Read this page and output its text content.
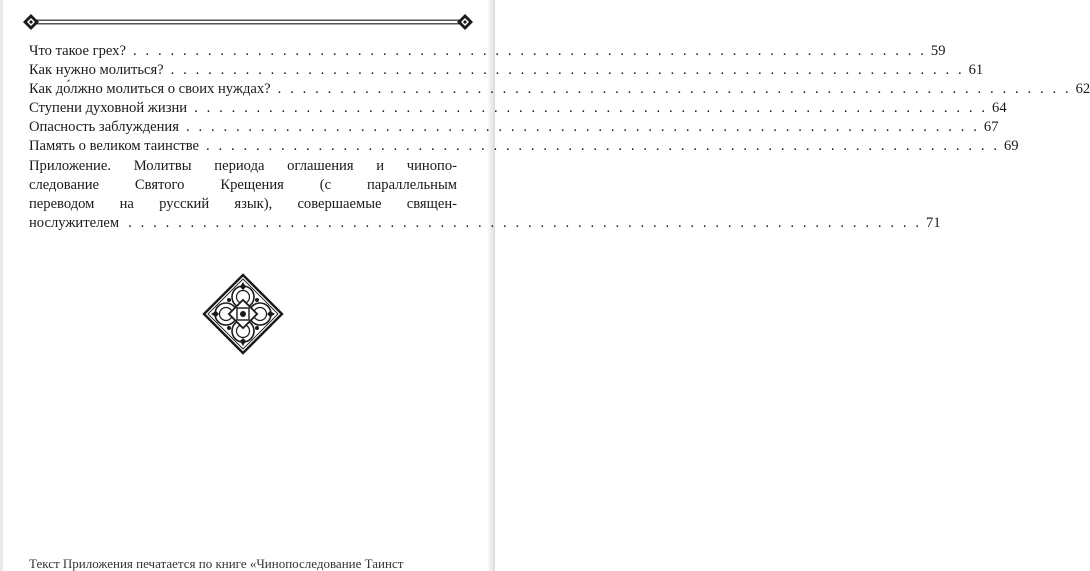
Что такое грех? . . . . . . . . . . . . . . . . . . . . . . . . . . . . . . . . . . . . . . . . . . . . . . . . . . . . . . . . . . . . . . . . 59
Как нужно молиться? . . . . . . . . . . . . . . . . . . . . . . . . . . . . . . . . . . . . . . . . . . . . . . . . . . . . . . . . . . . . . . . . 61
Как до́лжно молиться о своих нуждах? . . . . . . . . . . . . . . . . . . . . . . . . . . . . . . . . . . . . . . . . . . . . . . . . . . . . . . . . . . . . . . . . 62
Ступени духовной жизни . . . . . . . . . . . . . . . . . . . . . . . . . . . . . . . . . . . . . . . . . . . . . . . . . . . . . . . . . . . . . . . . 64
Опасность заблуждения . . . . . . . . . . . . . . . . . . . . . . . . . . . . . . . . . . . . . . . . . . . . . . . . . . . . . . . . . . . . . . . . 67
Память о великом таинстве . . . . . . . . . . . . . . . . . . . . . . . . . . . . . . . . . . . . . . . . . . . . . . . . . . . . . . . . . . . . . . . . 69
Приложение. Молитвы периода оглашения и чинопо-
следование Святого Крещения (с параллельным
переводом на русский язык), совершаемые священ-
нослужителем . . . . . . . . . . . . . . . . . . . . . . . . . . . . . . . . . . . . . . . . . . . . . . . . . . . . . . . . . . . . . . . . 71
Текст Приложения печатается по книге «Чинопоследование Таинст
